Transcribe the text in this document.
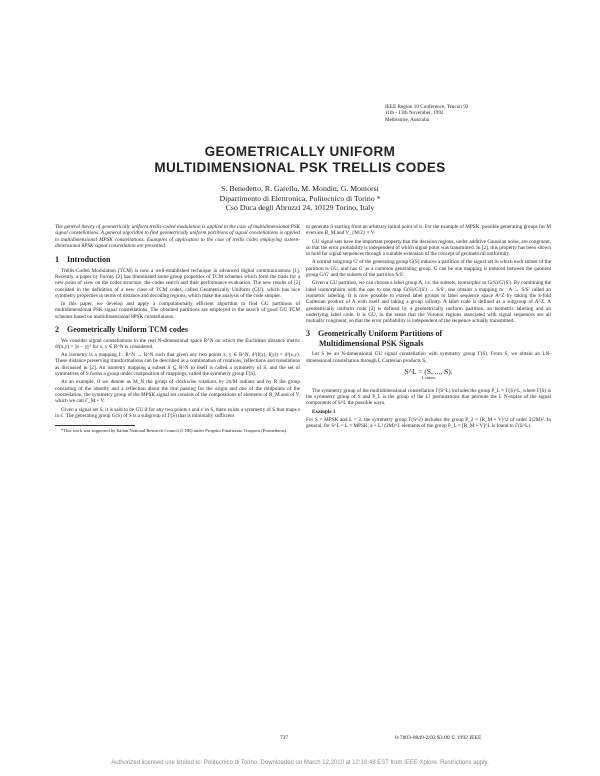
IEEE Region 10 Conference, Tencon 92
11th - 13th November, 1992
Melbourne, Australia
GEOMETRICALLY UNIFORM
MULTIDIMENSIONAL PSK TRELLIS CODES
S. Benedetto, R. Garello, M. Mondin, G. Montorsi
Dipartimento di Elettronica, Politecnico di Torino *
Cso Duca degli Abruzzi 24, 10129 Torino, Italy

The general theory of geometrically uniform trellis-coded modulation is applied to the case of multidimensional PSK signal constellations. A general algorithm to find geometrically uniform partitions of signal constellations is applied to multidimensional MPSK constellations. Examples of application to the case of trellis codes employing sixteen-dimensional 8PSK signal constellation are presented.

1 Introduction

Trellis-Coded Modulation (TCM) is now a well-established technique in advanced digital communications [1]. Recently, a paper by Forney [2] has illuminated some group properties of TCM schemes which form the basis for a new point of view on the codes structure, the codes search and their performance evaluation. The new results of [2] consisted in the definition of a new class of TCM codes, called Geometrically Uniform (GU), which has nice symmetry properties in terms of distance and decoding regions, which make the analysis of the code simpler.

In this paper, we develop and apply a computationally efficient algorithm to find GU partitions of multidimensional PSK signal constellations. The obtained partitions are employed in the search of good GU TCM schemes based on multidimensional 8PSK constellations.

2 Geometrically Uniform TCM codes

We consider signal constellations in the real N-dimensional space R^N on which the Euclidean distance metric d²(x,y) = ||x − y||² for x, y ∈ R^N is considered.

An isometry is a mapping f : R^N → R^N such that given any two points x, y ∈ R^N, d²(f(x), f(y)) = d²(x,y). These distance preserving transformations can be described as a combination of rotations, reflections and translations as discussed in [2]. An isometry mapping a subset S ⊆ R^N to itself is called a symmetry of S, and the set of symmetries of S forms a group under composition of mappings, called the symmetry group Γ(S).

As an example, if we denote as M_N the group of clockwise rotations by 2π/M radians and by R the group consisting of the identity and a reflection about the line passing for the origin and one of the midpoints of the constellation, the symmetry group of the MPSK signal set consists of the compositions of elements of R_M and of V, which we call Γ_M ∘ V.

Given a signal set S, it is said to be GU if for any two points s and s' in S, there exists a symmetry of S that maps s in s'. The generating group G(S) of S is a subgroup of Γ(S) that is minimally sufficient

*This work was supported by Italian National Research Council (CNR) under Progetto Finalizzato Trasporti (Prometheus).

to generate S starting from an arbitrary initial point of it. For the example of MPSK, possible generating groups for M even are R_M and V_{M/2} × V.

GU signal sets have the important property that the decision regions, under additive Gaussian noise, are congruent, so that the error probability is independent of which signal point was transmitted. In [2], this property has been shown to hold for signal sequences through a suitable extension of the concept of geometrical uniformity.

A normal subgroup G' of the generating group G(S) induces a partition of the signal set in which each subset of the partition is GU, and has G' as a common generating group. G can be one mapping is induced between the quotient group G/G' and the subsets of the partition S/S'.

Given a GU partition, we can choose a label group A, i.e. the subsets, isomorphic to G(S)/G'(S'). By combining the label isomorphism with the one to one map G(S)/G'(S') → S/S', one obtains a mapping m : A → S/S' called an isometric labeling. It is now possible to extend label groups to label sequence space A^Z by taking the k-fold Cartesian product of A with itself and taking a group infinity. A label code is defined as a subgroup of A^Z. A geometrically uniform code [2] is defined by a geometrically uniform partition, an isometric labeling and an underlying label code. It is GU, in the sense that the Voronoi regions associated with signal sequences are all mutually congruent, so that the error probability is independent of the sequence actually transmitted.

3 Geometrically Uniform Partitions of
Multidimensional PSK Signals

Let S be an N-dimensional GU signal constellation with symmetry group Γ(S). From S, we obtain an LN-dimensional constellation through L Cartesian products S,

S^L = (S, ..., S).
L times

The symmetry group of the multidimensional constellation Γ(S^L) includes the group P_L × Γ(S)^L, where Γ(S) is the symmetry group of S and P_L is the group of the L! permutations that permute the L N-tuples of the signal components of S^L the possible ways.

Example 1

For S = MPSK and L = 2, the symmetry group Γ(S^2) includes the group P_2 × (R_M ∘ V)^2 of order 2(2M)². In general, for S^L = L × MPSK, a + L! (2M)^L elements of the group P_L × [R_M ∘ V]^L is found to Γ(S^L).

737	0-7803-0849-2/92 $3.00 © 1992 IEEE
Authorized licensed use limited to: Politecnico di Torino. Downloaded on March 12,2010 at 12:18:48 EST from IEEE Xplore. Restrictions apply.
